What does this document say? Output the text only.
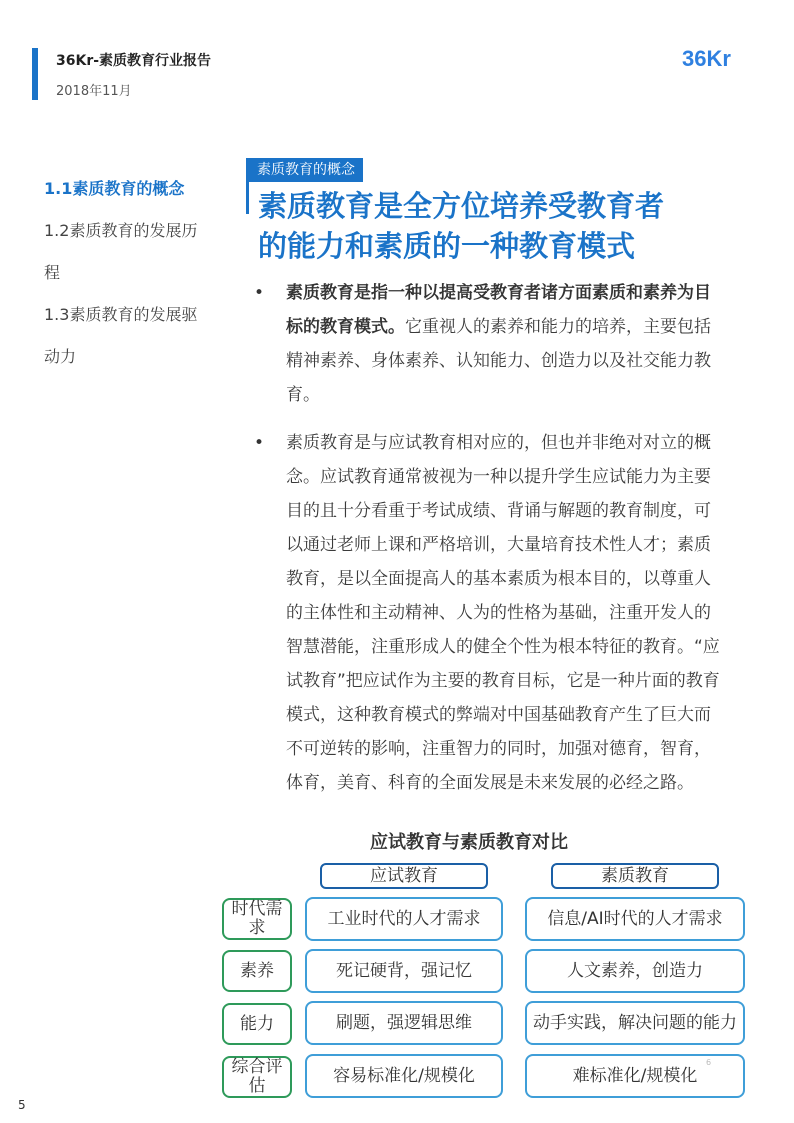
36Kr-素质教育行业报告
2018年11月
36Kr
1.1素质教育的概念
1.2素质教育的发展历
程
1.3素质教育的发展驱
动力
素质教育的概念
素质教育是全方位培养受教育者
的能力和素质的一种教育模式
• 素质教育是指一种以提高受教育者诸方面素质和素养为目标的教育模式。它重视人的素养和能力的培养，主要包括精神素养、身体素养、认知能力、创造力以及社交能力教育。
• 素质教育是与应试教育相对应的，但也并非绝对对立的概念。应试教育通常被视为一种以提升学生应试能力为主要目的且十分看重于考试成绩、背诵与解题的教育制度，可以通过老师上课和严格培训，大量培育技术性人才；素质教育，是以全面提高人的基本素质为根本目的，以尊重人的主体性和主动精神、人为的性格为基础，注重开发人的智慧潜能，注重形成人的健全个性为根本特征的教育。“应试教育”把应试作为主要的教育目标，它是一种片面的教育模式，这种教育模式的弊端对中国基础教育产生了巨大而不可逆转的影响，注重智力的同时，加强对德育，智育，体育，美育、科育的全面发展是未来发展的必经之路。
应试教育与素质教育对比
应试教育	素质教育
时代需求	工业时代的人才需求	信息/AI时代的人才需求
素养	死记硬背，强记忆	人文素养，创造力
能力	刷题，强逻辑思维	动手实践，解决问题的能力
综合评估	容易标准化/规模化	难标准化/规模化
6
5
